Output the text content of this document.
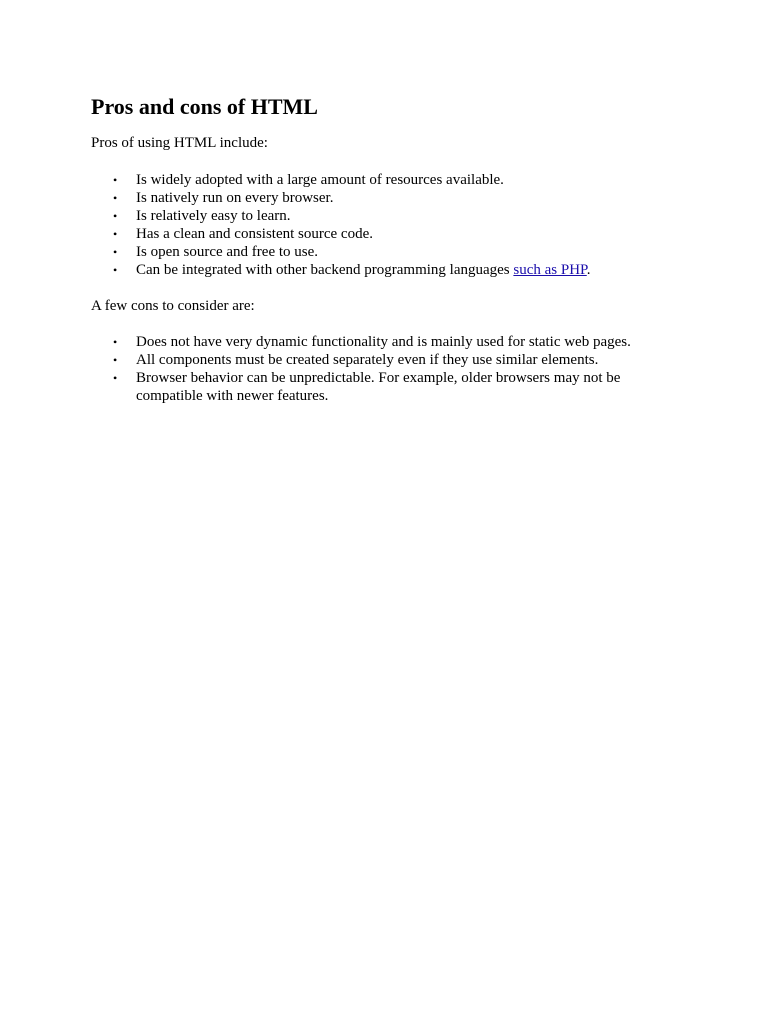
Pros and cons of HTML

Pros of using HTML include:

• Is widely adopted with a large amount of resources available.
• Is natively run on every browser.
• Is relatively easy to learn.
• Has a clean and consistent source code.
• Is open source and free to use.
• Can be integrated with other backend programming languages such as PHP.

A few cons to consider are:

• Does not have very dynamic functionality and is mainly used for static web pages.
• All components must be created separately even if they use similar elements.
• Browser behavior can be unpredictable. For example, older browsers may not be compatible with newer features.
